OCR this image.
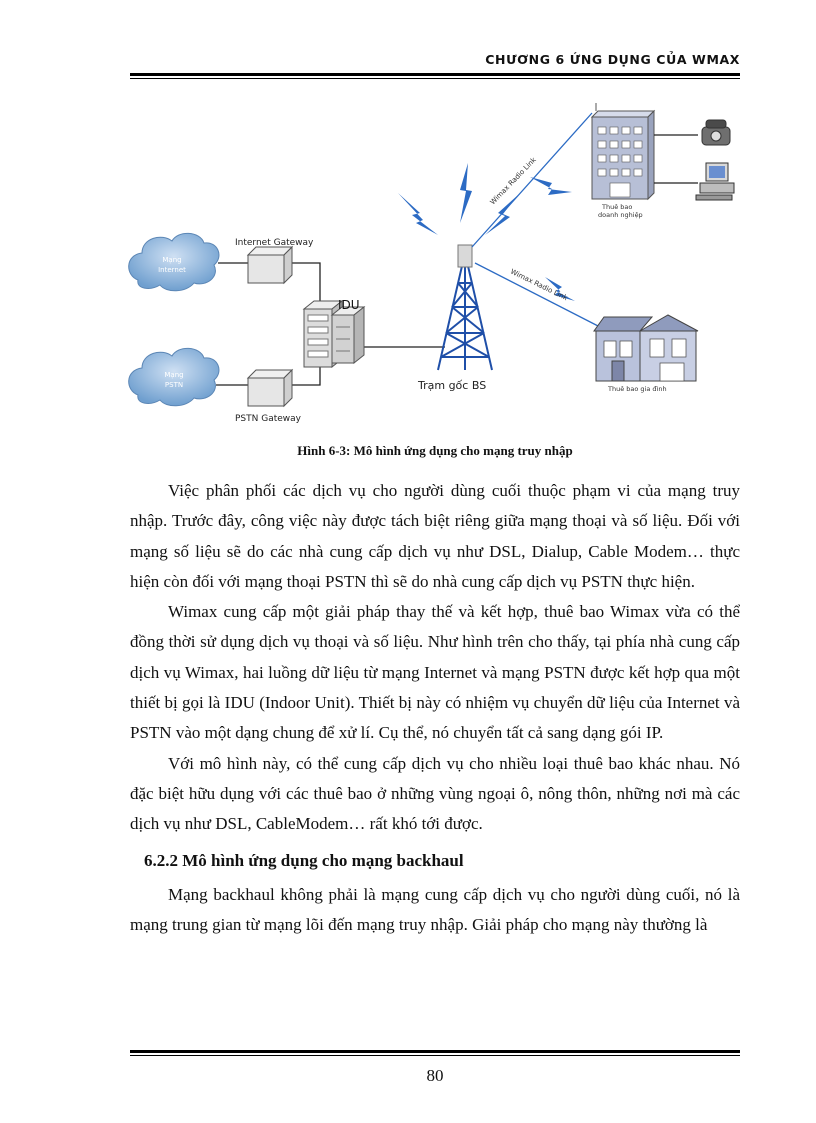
CHƯƠNG 6 ỨNG DỤNG CỦA WMAX
Mạng
Internet
Mạng
PSTN
Internet Gateway
PSTN Gateway
IDU
Trạm gốc BS
Wimax Radio Link
Wimax Radio Link
Thuê bao
doanh nghiệp
Thuê bao gia đình
Hình 6-3: Mô hình ứng dụng cho mạng truy nhập

Việc phân phối các dịch vụ cho người dùng cuối thuộc phạm vi của mạng truy nhập. Trước đây, công việc này được tách biệt riêng giữa mạng thoại và số liệu. Đối với mạng số liệu sẽ do các nhà cung cấp dịch vụ như DSL, Dialup, Cable Modem… thực hiện còn đối với mạng thoại PSTN thì sẽ do nhà cung cấp dịch vụ PSTN thực hiện.

Wimax cung cấp một giải pháp thay thế và kết hợp, thuê bao Wimax vừa có thể đồng thời sử dụng dịch vụ thoại và số liệu. Như hình trên cho thấy, tại phía nhà cung cấp dịch vụ Wimax, hai luồng dữ liệu từ mạng Internet và mạng PSTN được kết hợp qua một thiết bị gọi là IDU (Indoor Unit). Thiết bị này có nhiệm vụ chuyển dữ liệu của Internet và PSTN vào một dạng chung để xử lí. Cụ thể, nó chuyển tất cả sang dạng gói IP.

Với mô hình này, có thể cung cấp dịch vụ cho nhiều loại thuê bao khác nhau. Nó đặc biệt hữu dụng với các thuê bao ở những vùng ngoại ô, nông thôn, những nơi mà các dịch vụ như DSL, CableModem… rất khó tới được.

6.2.2 Mô hình ứng dụng cho mạng backhaul

Mạng backhaul không phải là mạng cung cấp dịch vụ cho người dùng cuối, nó là mạng trung gian từ mạng lõi đến mạng truy nhập. Giải pháp cho mạng này thường là

80
